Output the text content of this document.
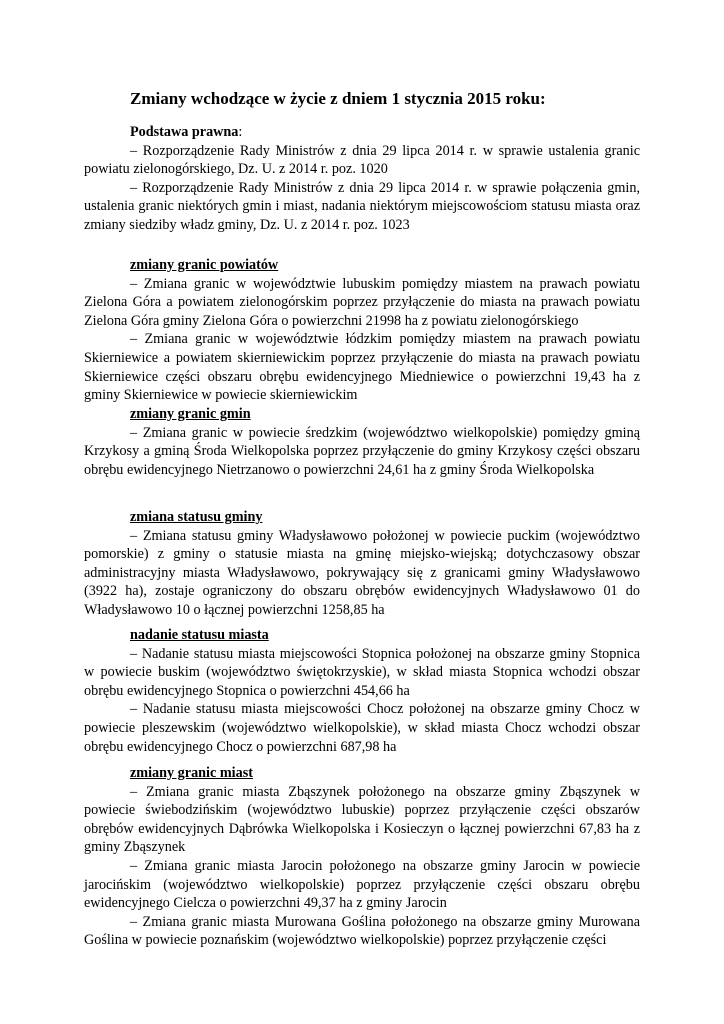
Zmiany wchodzące w życie z dniem 1 stycznia 2015 roku:
Podstawa prawna:

– Rozporządzenie Rady Ministrów z dnia 29 lipca 2014 r. w sprawie ustalenia granic powiatu zielonogórskiego, Dz. U. z 2014 r. poz. 1020

– Rozporządzenie Rady Ministrów z dnia 29 lipca 2014 r. w sprawie połączenia gmin, ustalenia granic niektórych gmin i miast, nadania niektórym miejscowościom statusu miasta oraz zmiany siedziby władz gminy, Dz. U. z 2014 r. poz. 1023

zmiany granic powiatów

– Zmiana granic w województwie lubuskim pomiędzy miastem na prawach powiatu Zielona Góra a powiatem zielonogórskim poprzez przyłączenie do miasta na prawach powiatu Zielona Góra gminy Zielona Góra o powierzchni 21998 ha z powiatu zielonogórskiego

– Zmiana granic w województwie łódzkim pomiędzy miastem na prawach powiatu Skierniewice a powiatem skierniewickim poprzez przyłączenie do miasta na prawach powiatu Skierniewice części obszaru obrębu ewidencyjnego Miedniewice o powierzchni 19,43 ha z gminy Skierniewice w powiecie skierniewickim

zmiany granic gmin

– Zmiana granic w powiecie średzkim (województwo wielkopolskie) pomiędzy gminą Krzykosy a gminą Środa Wielkopolska poprzez przyłączenie do gminy Krzykosy części obszaru obrębu ewidencyjnego Nietrzanowo o powierzchni 24,61 ha z gminy Środa Wielkopolska

zmiana statusu gminy

– Zmiana statusu gminy Władysławowo położonej w powiecie puckim (województwo pomorskie) z gminy o statusie miasta na gminę miejsko-wiejską; dotychczasowy obszar administracyjny miasta Władysławowo, pokrywający się z granicami gminy Władysławowo (3922 ha), zostaje ograniczony do obszaru obrębów ewidencyjnych Władysławowo 01 do Władysławowo 10 o łącznej powierzchni 1258,85 ha

nadanie statusu miasta

– Nadanie statusu miasta miejscowości Stopnica położonej na obszarze gminy Stopnica w powiecie buskim (województwo świętokrzyskie), w skład miasta Stopnica wchodzi obszar obrębu ewidencyjnego Stopnica o powierzchni 454,66 ha

– Nadanie statusu miasta miejscowości Chocz położonej na obszarze gminy Chocz w powiecie pleszewskim (województwo wielkopolskie), w skład miasta Chocz wchodzi obszar obrębu ewidencyjnego Chocz o powierzchni 687,98 ha

zmiany granic miast

– Zmiana granic miasta Zbąszynek położonego na obszarze gminy Zbąszynek w powiecie świebodzińskim (województwo lubuskie) poprzez przyłączenie części obszarów obrębów ewidencyjnych Dąbrówka Wielkopolska i Kosieczyn o łącznej powierzchni 67,83 ha z gminy Zbąszynek

– Zmiana granic miasta Jarocin położonego na obszarze gminy Jarocin w powiecie jarocińskim (województwo wielkopolskie) poprzez przyłączenie części obszaru obrębu ewidencyjnego Cielcza o powierzchni 49,37 ha z gminy Jarocin

– Zmiana granic miasta Murowana Goślina położonego na obszarze gminy Murowana Goślina w powiecie poznańskim (województwo wielkopolskie) poprzez przyłączenie części
